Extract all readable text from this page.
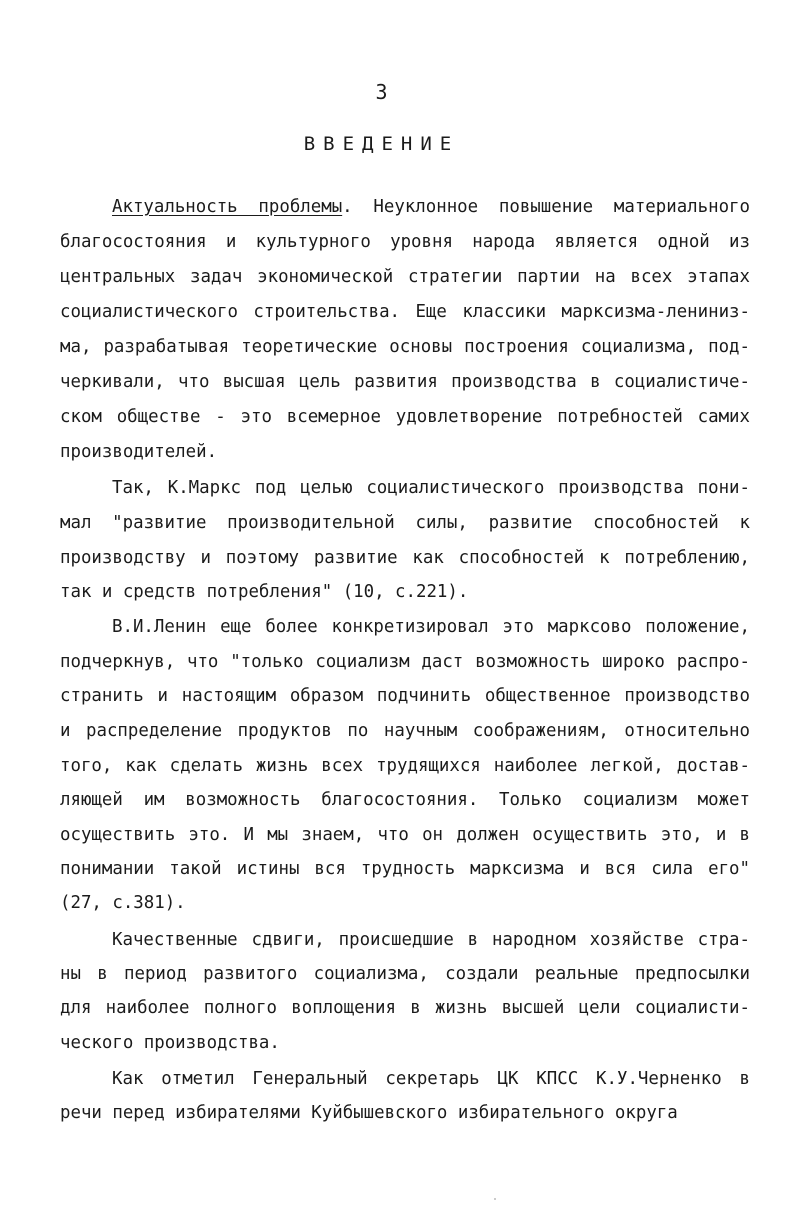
3
ВВЕДЕНИЕ
Актуальность проблемы. Неуклонное повышение материального
благосостояния и культурного уровня народа является одной из
центральных задач экономической стратегии партии на всех этапах
социалистического строительства. Еще классики марксизма-лениниз-
ма, разрабатывая теоретические основы построения социализма, под-
черкивали, что высшая цель развития производства в социалистиче-
ском обществе - это всемерное удовлетворение потребностей самих
производителей.
Так, К.Маркс под целью социалистического производства пони-
мал "развитие производительной силы, развитие способностей к
производству и поэтому развитие как способностей к потреблению,
так и средств потребления" (10, с.221).
В.И.Ленин еще более конкретизировал это марксово положение,
подчеркнув, что "только социализм даст возможность широко распро-
странить и настоящим образом подчинить общественное производство
и распределение продуктов по научным соображениям, относительно
того, как сделать жизнь всех трудящихся наиболее легкой, достав-
ляющей им возможность благосостояния. Только социализм может
осуществить это. И мы знаем, что он должен осуществить это, и в
понимании такой истины вся трудность марксизма и вся сила его"
(27, с.381).
Качественные сдвиги, происшедшие в народном хозяйстве стра-
ны в период развитого социализма, создали реальные предпосылки
для наиболее полного воплощения в жизнь высшей цели социалисти-
ческого производства.
Как отметил Генеральный секретарь ЦК КПСС К.У.Черненко в
речи перед избирателями Куйбышевского избирательного округа
